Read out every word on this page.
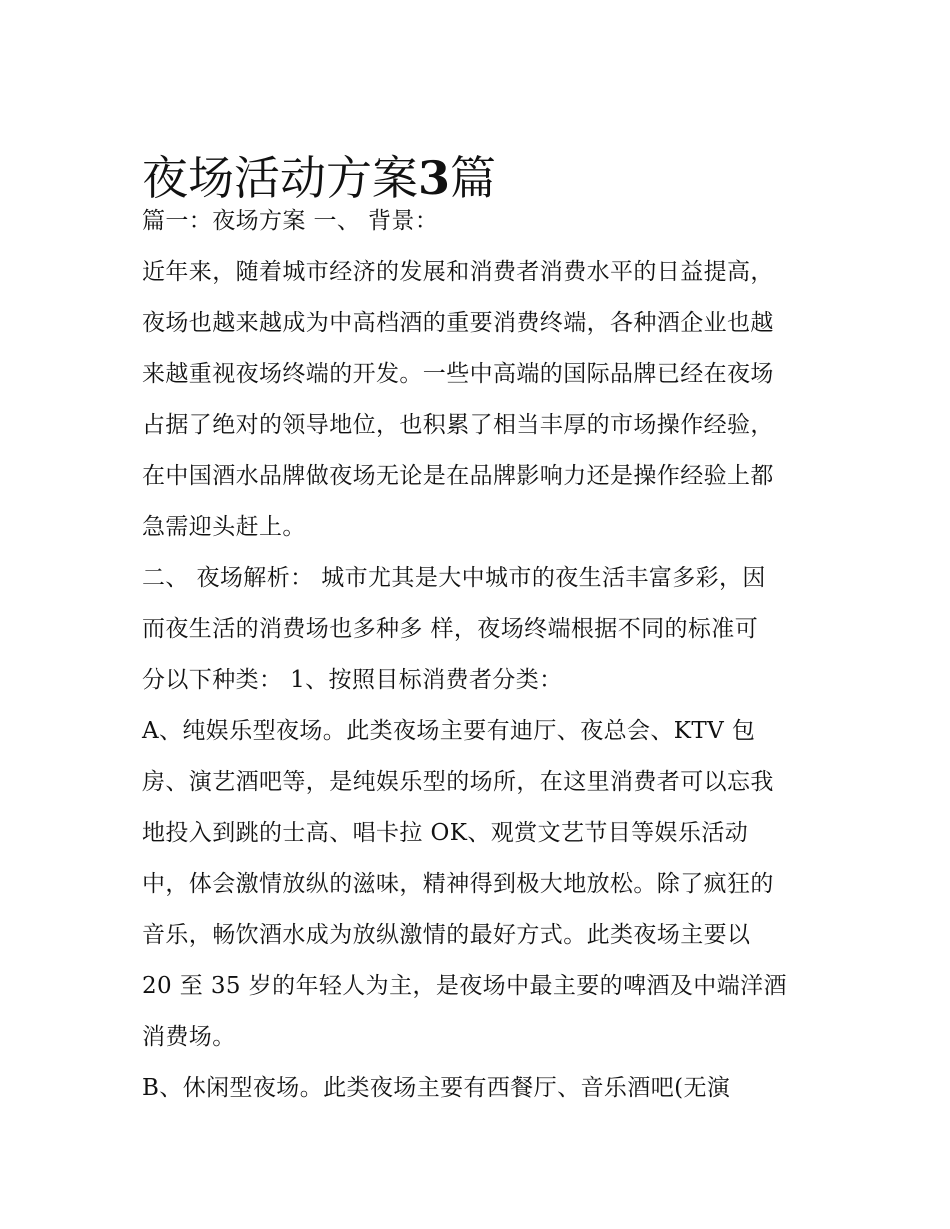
夜场活动方案3篇
篇一：夜场方案 一、 背景：
近年来，随着城市经济的发展和消费者消费水平的日益提高，
夜场也越来越成为中高档酒的重要消费终端，各种酒企业也越
来越重视夜场终端的开发。一些中高端的国际品牌已经在夜场
占据了绝对的领导地位，也积累了相当丰厚的市场操作经验，
在中国酒水品牌做夜场无论是在品牌影响力还是操作经验上都
急需迎头赶上。
二、 夜场解析： 城市尤其是大中城市的夜生活丰富多彩，因
而夜生活的消费场也多种多 样，夜场终端根据不同的标准可
分以下种类： 1、按照目标消费者分类：
A、纯娱乐型夜场。此类夜场主要有迪厅、夜总会、KTV 包
房、演艺酒吧等，是纯娱乐型的场所，在这里消费者可以忘我
地投入到跳的士高、唱卡拉 OK、观赏文艺节目等娱乐活动
中，体会激情放纵的滋味，精神得到极大地放松。除了疯狂的
音乐，畅饮酒水成为放纵激情的最好方式。此类夜场主要以
20 至 35 岁的年轻人为主，是夜场中最主要的啤酒及中端洋酒
消费场。
B、休闲型夜场。此类夜场主要有西餐厅、音乐酒吧(无演
